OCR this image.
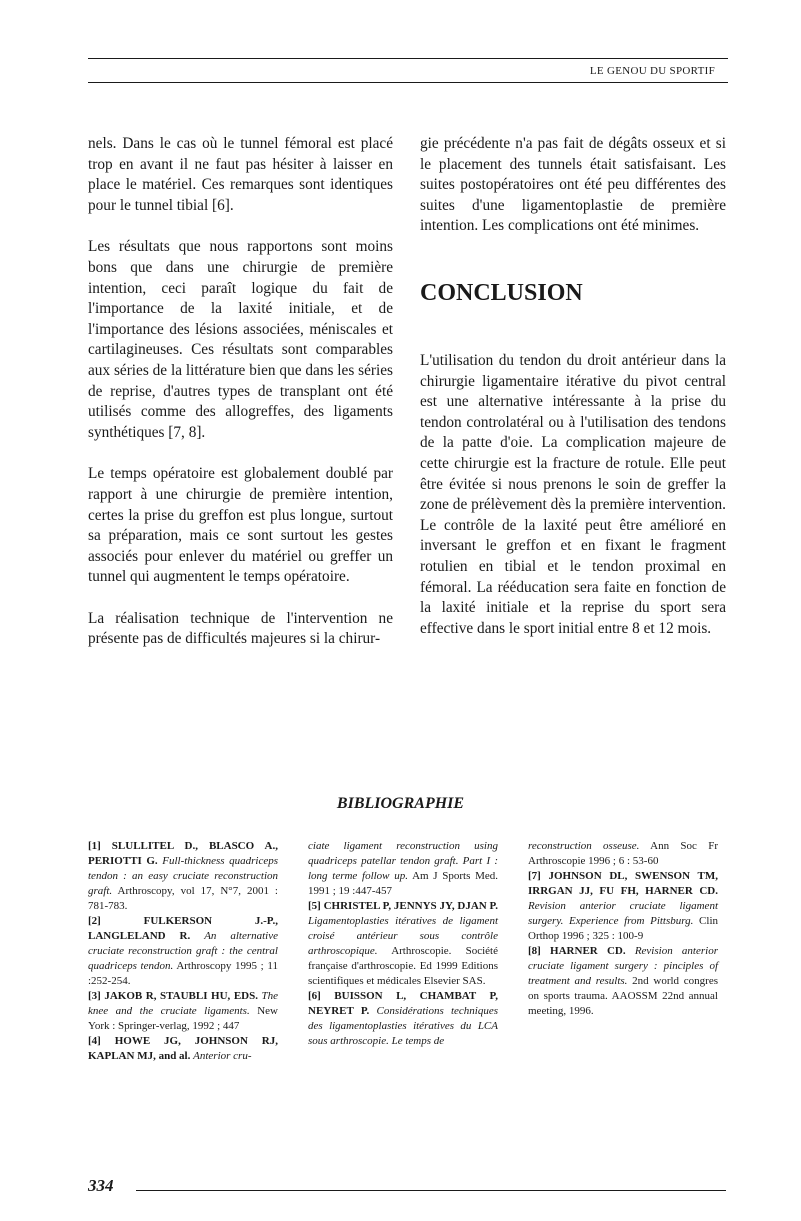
LE GENOU DU SPORTIF

nels. Dans le cas où le tunnel fémoral est placé trop en avant il ne faut pas hésiter à laisser en place le matériel. Ces remarques sont identiques pour le tunnel tibial [6].

Les résultats que nous rapportons sont moins bons que dans une chirurgie de première intention, ceci paraît logique du fait de l'importance de la laxité initiale, et de l'importance des lésions associées, méniscales et cartilagineuses. Ces résultats sont comparables aux séries de la littérature bien que dans les séries de reprise, d'autres types de transplant ont été utilisés comme des allogreffes, des ligaments synthétiques [7, 8].

Le temps opératoire est globalement doublé par rapport à une chirurgie de première intention, certes la prise du greffon est plus longue, surtout sa préparation, mais ce sont surtout les gestes associés pour enlever du matériel ou greffer un tunnel qui augmentent le temps opératoire.

La réalisation technique de l'intervention ne présente pas de difficultés majeures si la chirur-

gie précédente n'a pas fait de dégâts osseux et si le placement des tunnels était satisfaisant. Les suites postopératoires ont été peu différentes des suites d'une ligamentoplastie de première intention. Les complications ont été minimes.

CONCLUSION

L'utilisation du tendon du droit antérieur dans la chirurgie ligamentaire itérative du pivot central est une alternative intéressante à la prise du tendon controlatéral ou à l'utilisation des tendons de la patte d'oie. La complication majeure de cette chirurgie est la fracture de rotule. Elle peut être évitée si nous prenons le soin de greffer la zone de prélèvement dès la première intervention. Le contrôle de la laxité peut être amélioré en inversant le greffon et en fixant le fragment rotulien en tibial et le tendon proximal en fémoral. La rééducation sera faite en fonction de la laxité initiale et la reprise du sport sera effective dans le sport initial entre 8 et 12 mois.

BIBLIOGRAPHIE

[1] SLULLITEL D., BLASCO A., PERIOTTI G. Full-thickness quadriceps tendon : an easy cruciate reconstruction graft. Arthroscopy, vol 17, N°7, 2001 : 781-783.

[2] FULKERSON J.-P., LANGLELAND R. An alternative cruciate reconstruction graft : the central quadriceps tendon. Arthroscopy 1995 ; 11 :252-254.

[3] JAKOB R, STAUBLI HU, EDS. The knee and the cruciate ligaments. New York : Springer-verlag, 1992 ; 447

[4] HOWE JG, JOHNSON RJ, KAPLAN MJ, and al. Anterior cru-

ciate ligament reconstruction using quadriceps patellar tendon graft. Part I : long terme follow up. Am J Sports Med. 1991 ; 19 :447-457

[5] CHRISTEL P, JENNYS JY, DJAN P. Ligamentoplasties itératives de ligament croisé antérieur sous contrôle arthroscopique. Arthroscopie. Société française d'arthroscopie. Ed 1999 Editions scientifiques et médicales Elsevier SAS.

[6] BUISSON L, CHAMBAT P, NEYRET P. Considérations techniques des ligamentoplasties itératives du LCA sous arthroscopie. Le temps de

reconstruction osseuse. Ann Soc Fr Arthroscopie 1996 ; 6 : 53-60

[7] JOHNSON DL, SWENSON TM, IRRGAN JJ, FU FH, HARNER CD. Revision anterior cruciate ligament surgery. Experience from Pittsburg. Clin Orthop 1996 ; 325 : 100-9

[8] HARNER CD. Revision anterior cruciate ligament surgery : pinciples of treatment and results. 2nd world congres on sports trauma. AAOSSM 22nd annual meeting, 1996.

334
